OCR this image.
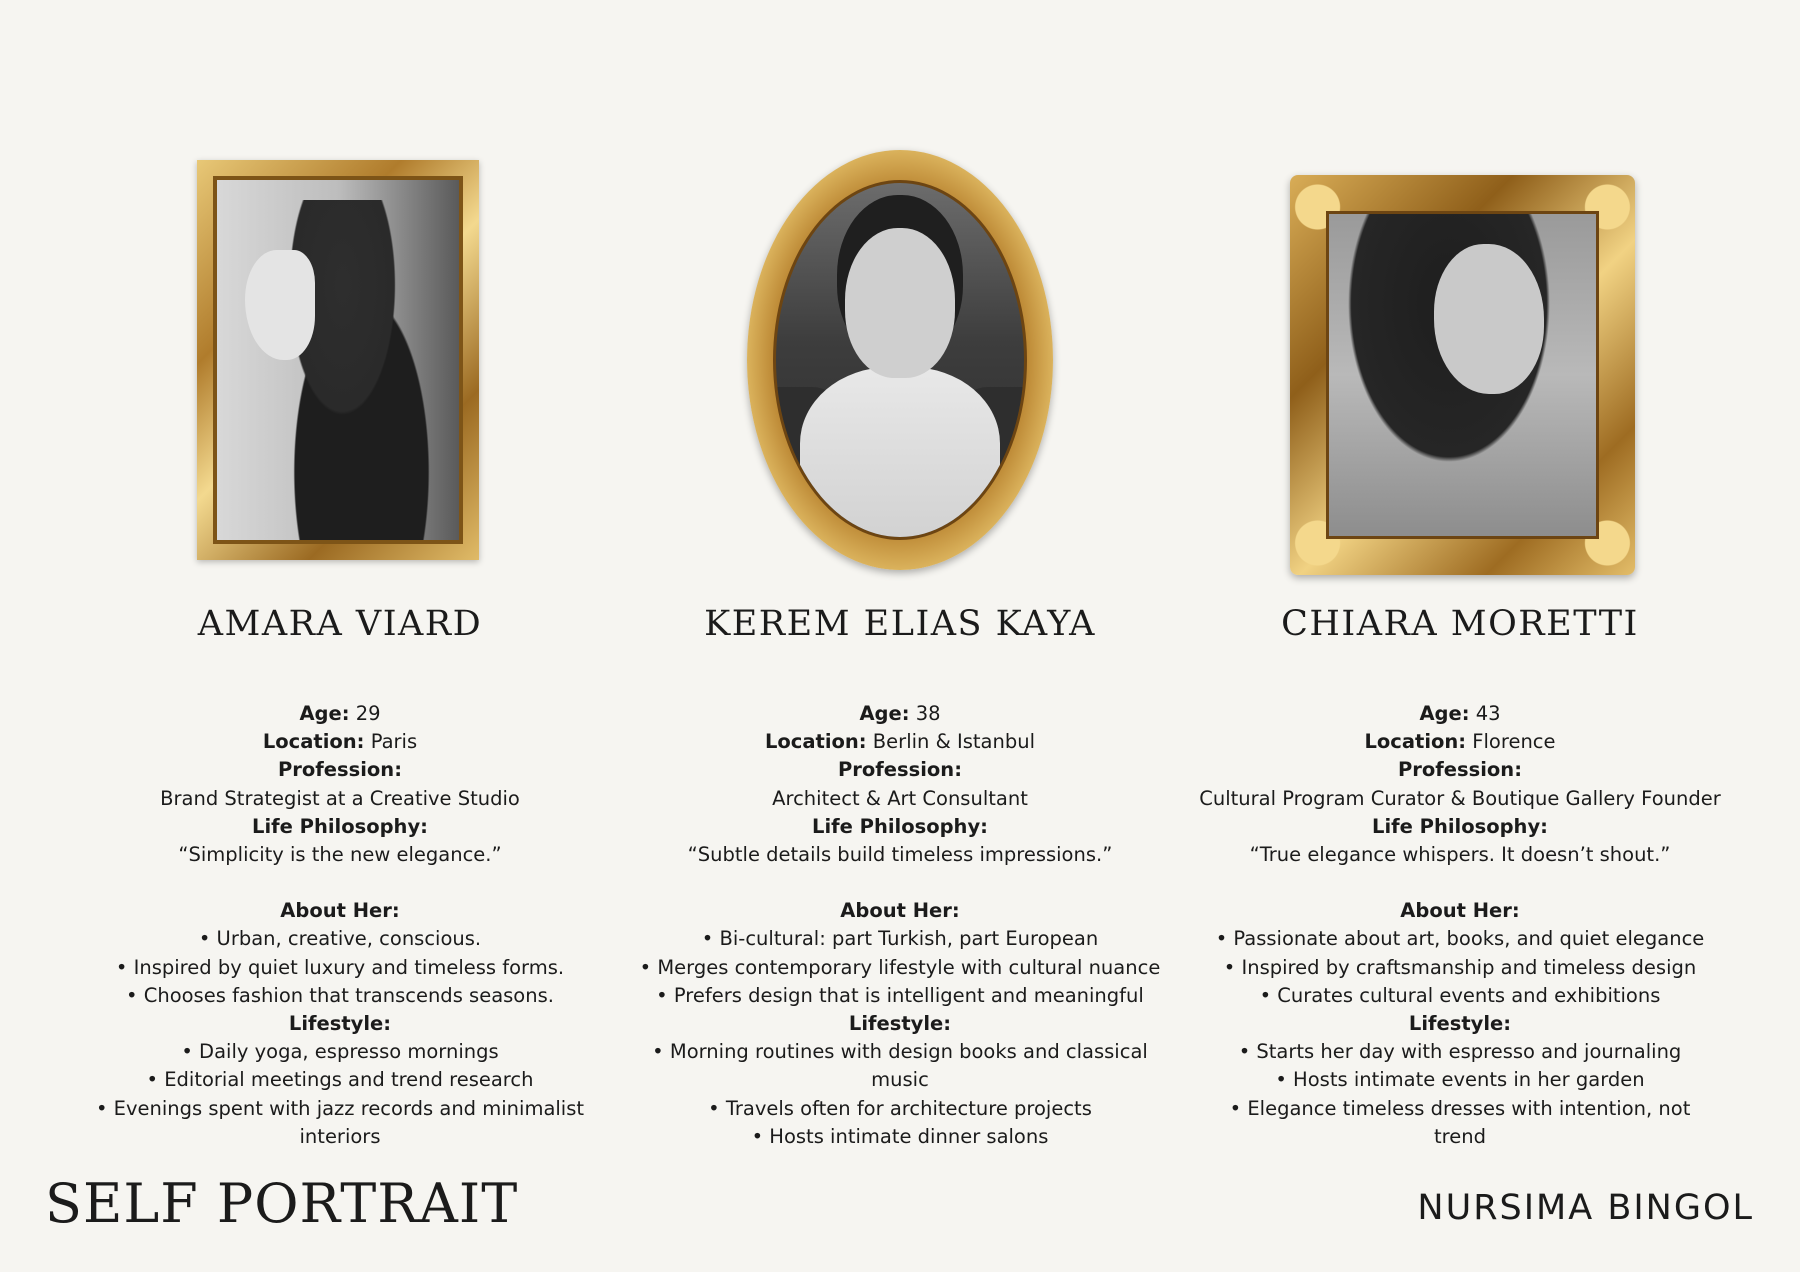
AMARA VIARD
Age: 29
Location: Paris
Profession:
Brand Strategist at a Creative Studio
Life Philosophy:
“Simplicity is the new elegance.”
About Her:
• Urban, creative, conscious.
• Inspired by quiet luxury and timeless forms.
• Chooses fashion that transcends seasons.
Lifestyle:
• Daily yoga, espresso mornings
• Editorial meetings and trend research
• Evenings spent with jazz records and minimalist
interiors
KEREM ELIAS KAYA
Age: 38
Location: Berlin & Istanbul
Profession:
Architect & Art Consultant
Life Philosophy:
“Subtle details build timeless impressions.”
About Her:
• Bi-cultural: part Turkish, part European
• Merges contemporary lifestyle with cultural nuance
• Prefers design that is intelligent and meaningful
Lifestyle:
• Morning routines with design books and classical
music
• Travels often for architecture projects
• Hosts intimate dinner salons
CHIARA MORETTI
Age: 43
Location: Florence
Profession:
Cultural Program Curator & Boutique Gallery Founder
Life Philosophy:
“True elegance whispers. It doesn’t shout.”
About Her:
• Passionate about art, books, and quiet elegance
• Inspired by craftsmanship and timeless design
• Curates cultural events and exhibitions
Lifestyle:
• Starts her day with espresso and journaling
• Hosts intimate events in her garden
• Elegance timeless dresses with intention, not
trend
SELF PORTRAIT	NURSIMA BINGOL
